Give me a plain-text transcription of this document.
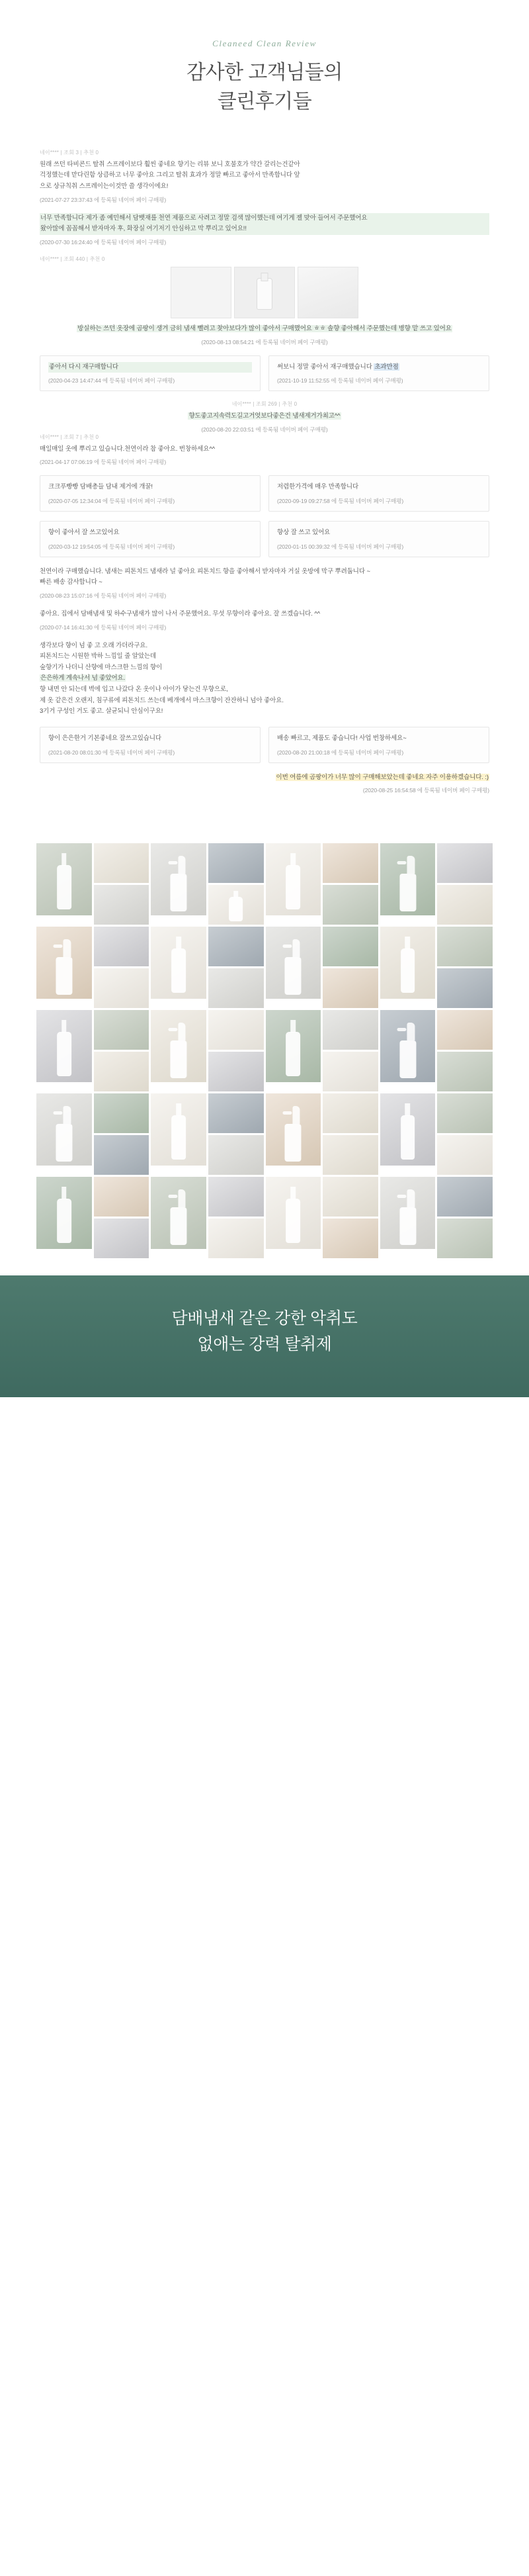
Cleaneed Clean Review
감사한 고객님들의
클린후기들
네이**** | 조회 3 | 추천 0
원래 쓰던 타비콘드 탈취 스프레이보다 훨씬 좋네요 향기는 리뷰 보니 호불호가 약간 갈리는건같아
걱정했는데 맏다린함 상큼하고 너무 좋아요 그리고 탈취 효과가 정말 빠르고 좋아서 만족합니다 앞
으로 상규칙취 스프레이는이것만 쓸 생각이에요!
(2021-07-27 23:37:43 에 등록됨 네이버 페이 구매평)
너무 만족합니다 제가 좀 예민해서 담뱃재를 천연 제품으로 사려고 정말 검색 많이했는데 여기게 젤 맞아 들어서 주문했어요
왔아많에 꼼꼼해서 받자마자 후, 화장실 여기저기 안심하고 막 뿌리고 있어요!!
(2020-07-30 16:24:40 에 등록됨 네이버 페이 구매평)
네이**** | 조회 440 | 추천 0
방실하는 쓰던 옷장에 곰팡이 생겨 금히 냄새 뺄려고 찾아보다가 많이 좋아서 구매했어요 ㅎㅎ 솔향 좋아해서 주문했는데 병향 맡 쓰고 있어요
(2020-08-13 08:54:21 에 등록됨 네이버 페이 구매평)
좋아서 다시 재구매합니다
(2020-04-23 14:47:44 에 등록됨 네이버 페이 구매평)
써보니 정말 좋아서 재구매했습니다 초과만점
(2021-10-19 11:52:55 에 등록됨 네이버 페이 구매평)
네이**** | 조회 269 | 추천 0
향도좋고지속력도길고거엇보다좋은건 냄새제거가최고^^
(2020-08-20 22:03:51 에 등록됨 네이버 페이 구매평)
네이**** | 조회 7 | 추천 0
매일매일 옷에 뿌리고 있습니다.천연이라 참 좋아요. 번창하세요^^
(2021-04-17 07:06:19 에 등록됨 네이버 페이 구매평)
크크푸빵빵 담배총들 담내 제거에 개꿀!
(2020-07-05 12:34:04 에 등록됨 네이버 페이 구매평)
저렴한가격에 매우 만족합니다
(2020-09-19 09:27:58 에 등록됨 네이버 페이 구매평)
향이 좋아서 잘 쓰고있어요
(2020-03-12 19:54:05 에 등록됨 네이버 페이 구매평)
향상 잘 쓰고 있어요
(2020-01-15 00:39:32 에 등록됨 네이버 페이 구매평)
천연이라 구매했습니다. 냄새는 피톤치드 냄새라 널 좋아요 피톤치드 향을 좋아해서 받자마자 거실 옷방에 막구 뿌려둡니다 ~
빠른 배송 감사합니다 ~
(2020-08-23 15:07:16 에 등록됨 네이버 페이 구매평)
좋아요. 집에서 담배냄새 및 하수구냄새가 많이 나서 주문했어요. 무섯 무향이라 좋아요. 잘 쓰겠습니다. ^^
(2020-07-14 16:41:30 에 등록됨 네이버 페이 구매평)
생각보다 향이 넘 좋 고 오래 가더라구요.
피톤치드는 시원한 박하 느낌일 줄 알았는데
숲향기가 나더니 산향에 마스크한 느낌의 향이
은은하게 계속나서 넘 좋았어요.
향 내면 안 되는데 벽에 입고 나갔다 온 옷이나 아이가 닿는건 무향으로,
제 옷 같은건 오랜지, 침구류에 피톤치드 쓰는데 베개에서 마스크향이 잔잔하니 넘아 좋아요.
3기거 구성인 거도 좋고. 살균되니 안심이구요!
향이 은은한거 기본좋네요 잘쓰고있습니다
(2021-08-20 08:01:30 에 등록됨 네이버 페이 구매평)
배송 빠르고, 제품도 좋습니다! 사업 번창하세요~
(2020-08-20 21:00:18 에 등록됨 네이버 페이 구매평)
이번 여름에 곰팡이가 너무 많이 구매해보았는데 좋네요 자주 이용하겠습니다. :)
(2020-08-25 16:54:58 에 등록됨 네이버 페이 구매평)
담배냄새 같은 강한 악취도
없애는 강력 탈취제
